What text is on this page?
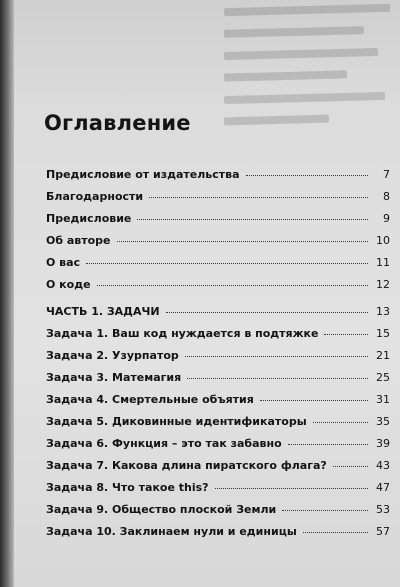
Оглавление
Предисловие от издательства	7
Благодарности	8
Предисловие	9
Об авторе	10
О вас	11
О коде	12
ЧАСТЬ 1. ЗАДАЧИ	13
Задача 1. Ваш код нуждается в подтяжке	15
Задача 2. Узурпатор	21
Задача 3. Матемагия	25
Задача 4. Смертельные объятия	31
Задача 5. Диковинные идентификаторы	35
Задача 6. Функция – это так забавно	39
Задача 7. Какова длина пиратского флага?	43
Задача 8. Что такое this?	47
Задача 9. Общество плоской Земли	53
Задача 10. Заклинаем нули и единицы	57
